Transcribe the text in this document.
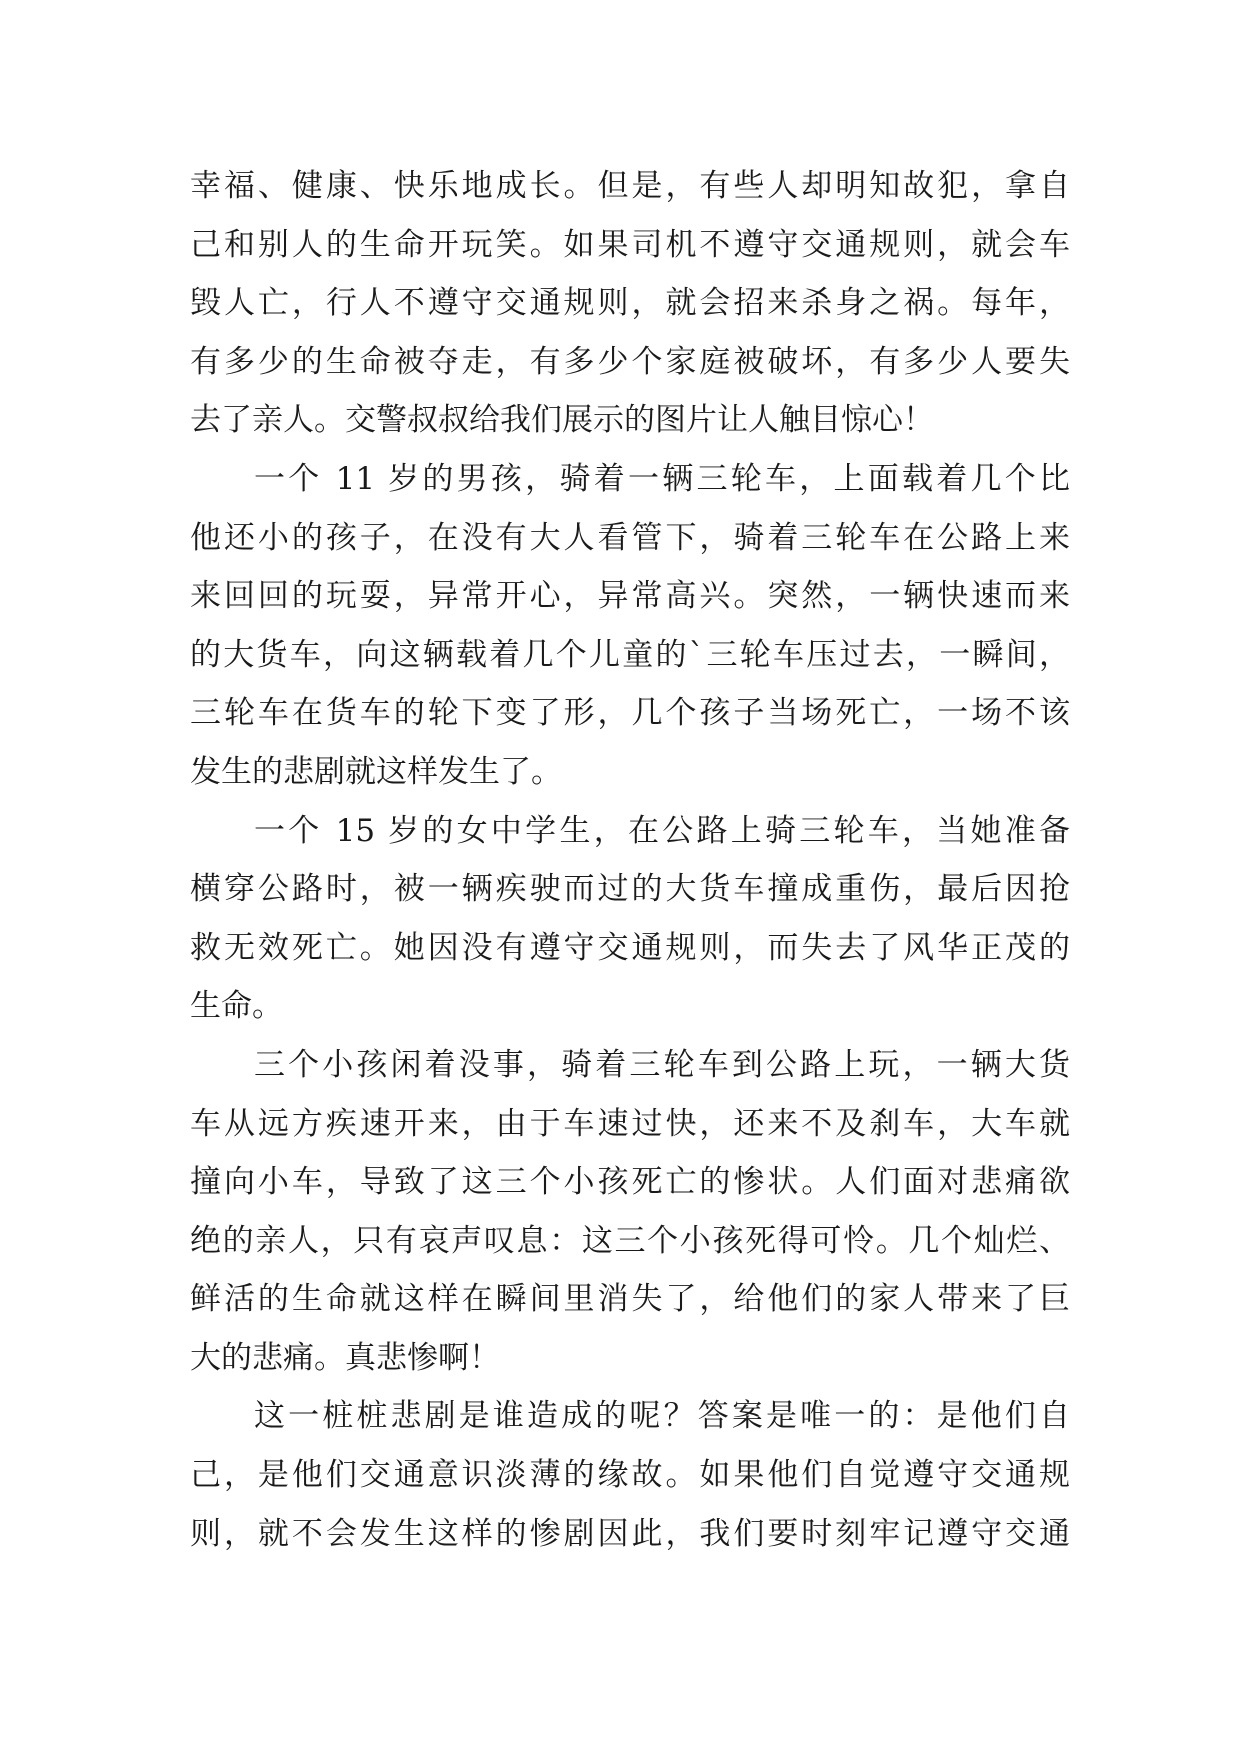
幸福、健康、快乐地成长。但是，有些人却明知故犯，拿自
己和别人的生命开玩笑。如果司机不遵守交通规则，就会车
毁人亡，行人不遵守交通规则，就会招来杀身之祸。每年，
有多少的生命被夺走，有多少个家庭被破坏，有多少人要失
去了亲人。交警叔叔给我们展示的图片让人触目惊心！
一个 11 岁的男孩，骑着一辆三轮车，上面载着几个比
他还小的孩子，在没有大人看管下，骑着三轮车在公路上来
来回回的玩耍，异常开心，异常高兴。突然，一辆快速而来
的大货车，向这辆载着几个儿童的`三轮车压过去，一瞬间，
三轮车在货车的轮下变了形，几个孩子当场死亡，一场不该
发生的悲剧就这样发生了。
一个 15 岁的女中学生，在公路上骑三轮车，当她准备
横穿公路时，被一辆疾驶而过的大货车撞成重伤，最后因抢
救无效死亡。她因没有遵守交通规则，而失去了风华正茂的
生命。
三个小孩闲着没事，骑着三轮车到公路上玩，一辆大货
车从远方疾速开来，由于车速过快，还来不及刹车，大车就
撞向小车，导致了这三个小孩死亡的惨状。人们面对悲痛欲
绝的亲人，只有哀声叹息：这三个小孩死得可怜。几个灿烂、
鲜活的生命就这样在瞬间里消失了，给他们的家人带来了巨
大的悲痛。真悲惨啊！
这一桩桩悲剧是谁造成的呢？答案是唯一的：是他们自
己，是他们交通意识淡薄的缘故。如果他们自觉遵守交通规
则，就不会发生这样的惨剧因此，我们要时刻牢记遵守交通
